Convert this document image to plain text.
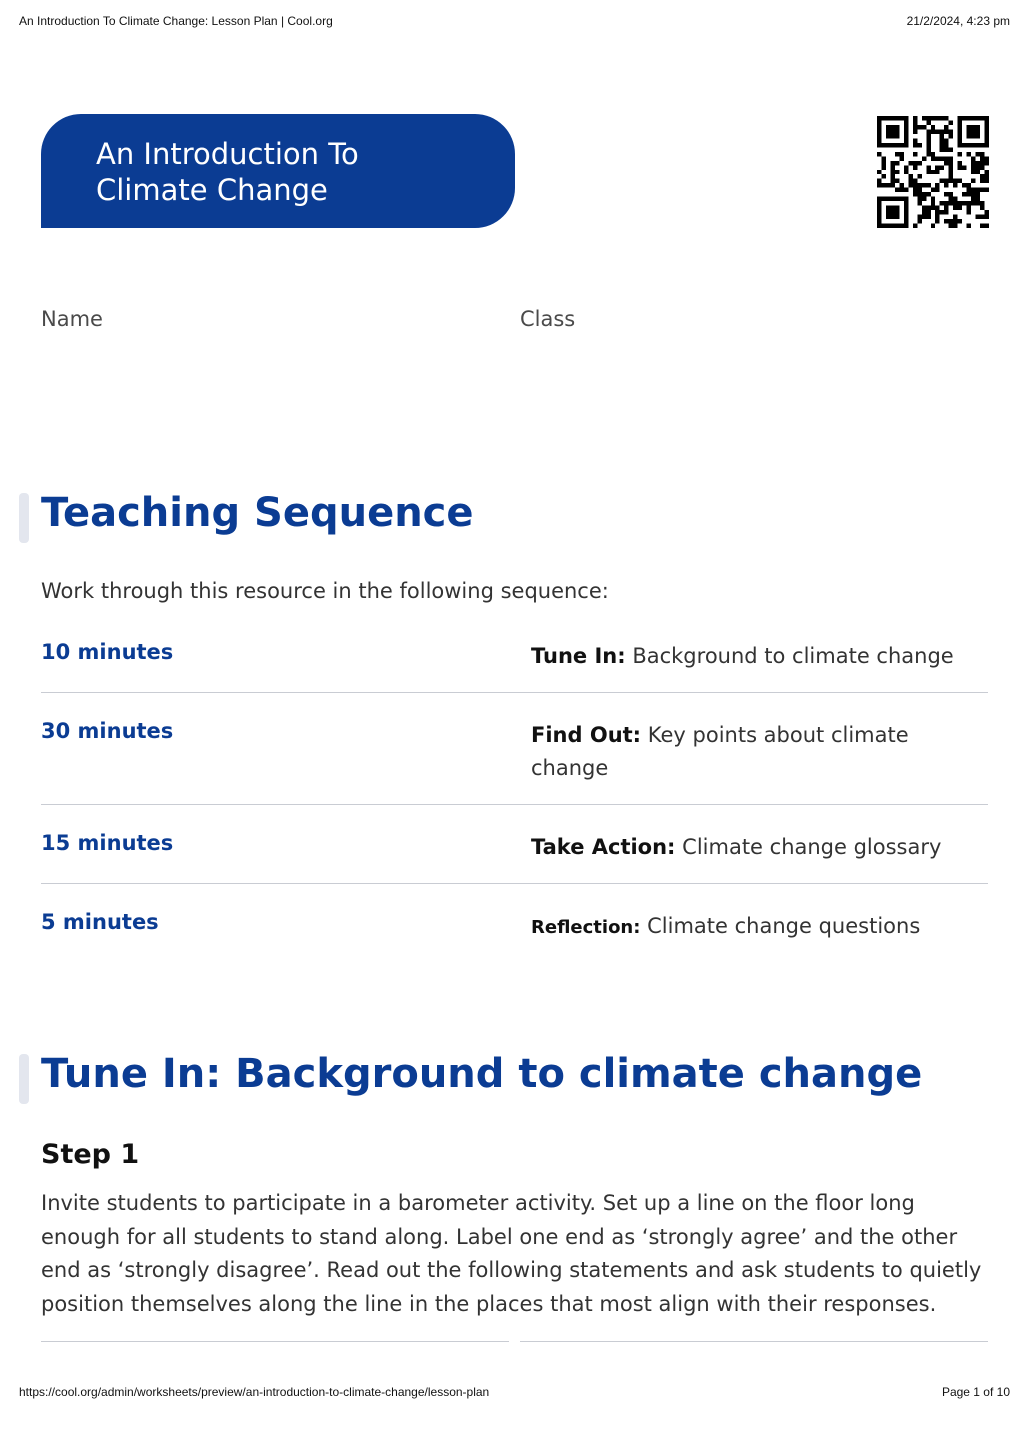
An Introduction To Climate Change: Lesson Plan | Cool.org	21/2/2024, 4:23 pm
An Introduction To
Climate Change
Name	Class
Teaching Sequence

Work through this resource in the following sequence:

10 minutes	Tune In: Background to climate change
30 minutes	Find Out: Key points about climate change
15 minutes	Take Action: Climate change glossary
5 minutes	Reflection: Climate change questions
Tune In: Background to climate change
Step 1

Invite students to participate in a barometer activity. Set up a line on the floor long enough for all students to stand along. Label one end as ‘strongly agree’ and the other end as ‘strongly disagree’. Read out the following statements and ask students to quietly position themselves along the line in the places that most align with their responses.

https://cool.org/admin/worksheets/preview/an-introduction-to-climate-change/lesson-plan	Page 1 of 10
